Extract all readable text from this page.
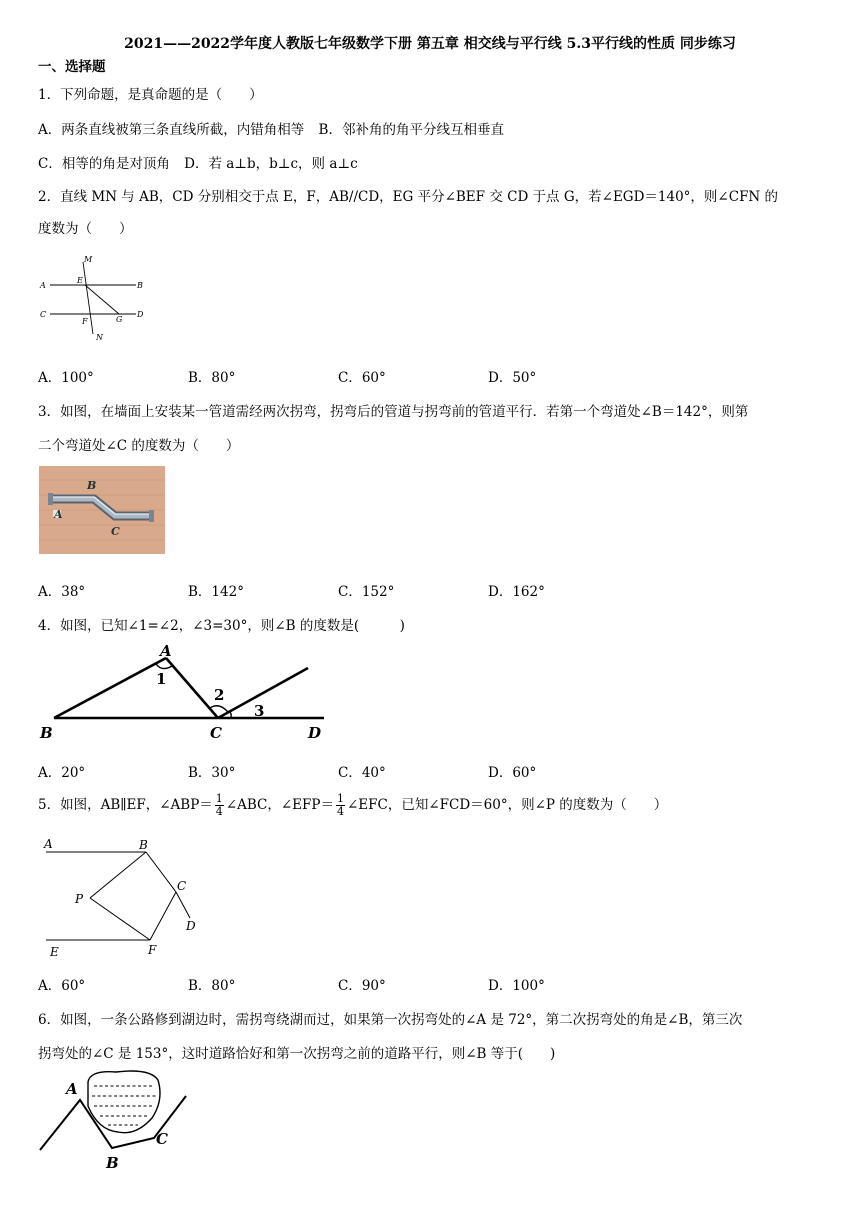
2021——2022学年度人教版七年级数学下册 第五章 相交线与平行线 5.3平行线的性质 同步练习
一、选择题
1．下列命题，是真命题的是（　　）
A．两条直线被第三条直线所截，内错角相等 B．邻补角的角平分线互相垂直
C．相等的角是对顶角 D．若 a⊥b，b⊥c，则 a⊥c
2．直线 MN 与 AB，CD 分别相交于点 E，F，AB//CD，EG 平分∠BEF 交 CD 于点 G，若∠EGD＝140°，则∠CFN 的
度数为（　　）
M
A
E
B
C
F	G
D
N
A．100°	B．80°	C．60°	D．50°
3．如图，在墙面上安装某一管道需经两次拐弯，拐弯后的管道与拐弯前的管道平行．若第一个弯道处∠B＝142°，则第
二个弯道处∠C 的度数为（　　）
A
B
C
A．38°	B．142°	C．152°	D．162°
4．如图，已知∠1=∠2，∠3=30°，则∠B 的度数是(　　　)
A
1
2
3
B	C	D
A．20°	B．30°	C．40°	D．60°
5．如图，AB∥EF，∠ABP＝ $\frac{1}{4}$ ∠ABC，∠EFP＝ $\frac{1}{4}$ ∠EFC，已知∠FCD＝60°，则∠P 的度数为（　　）
A	B
C
P
D
E	F
A．60°	B．80°	C．90°	D．100°
6．如图，一条公路修到湖边时，需拐弯绕湖而过，如果第一次拐弯处的∠A 是 72°，第二次拐弯处的角是∠B，第三次
拐弯处的∠C 是 153°，这时道路恰好和第一次拐弯之前的道路平行，则∠B 等于(　　)
A
B
C
